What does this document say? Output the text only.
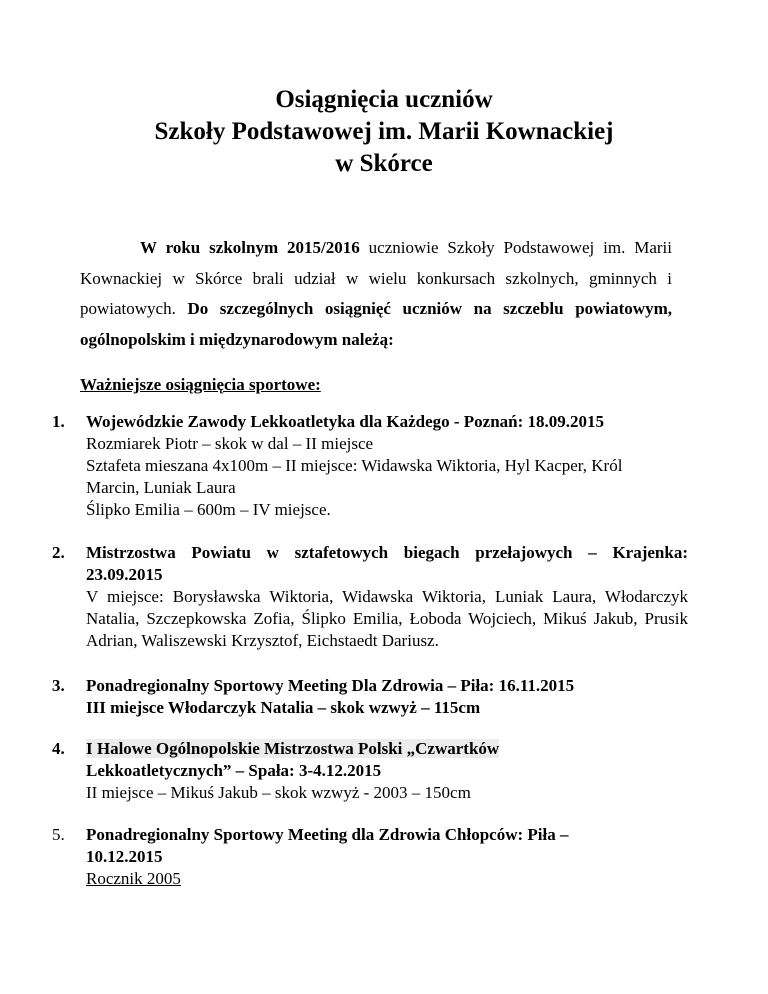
Osiągnięcia uczniów
Szkoły Podstawowej im. Marii Kownackiej
w Skórce
W roku szkolnym 2015/2016 uczniowie Szkoły Podstawowej im. Marii Kownackiej w Skórce brali udział w wielu konkursach szkolnych, gminnych i powiatowych. Do szczególnych osiągnięć uczniów na szczeblu powiatowym, ogólnopolskim i międzynarodowym należą:
Ważniejsze osiągnięcia sportowe:
1.	Wojewódzkie Zawody Lekkoatletyka dla Każdego - Poznań: 18.09.2015
Rozmiarek Piotr – skok w dal – II miejsce
Sztafeta mieszana 4x100m – II miejsce: Widawska Wiktoria, Hyl Kacper, Król Marcin, Luniak Laura
Ślipko Emilia – 600m – IV miejsce.
2.	Mistrzostwa Powiatu w sztafetowych biegach przełajowych – Krajenka: 23.09.2015
V miejsce: Borysławska Wiktoria, Widawska Wiktoria, Luniak Laura, Włodarczyk Natalia, Szczepkowska Zofia, Ślipko Emilia, Łoboda Wojciech, Mikuś Jakub, Prusik Adrian, Waliszewski Krzysztof, Eichstaedt Dariusz.
3.	Ponadregionalny Sportowy Meeting Dla Zdrowia – Piła: 16.11.2015
III miejsce Włodarczyk Natalia – skok wzwyż – 115cm
4.	I Halowe Ogólnopolskie Mistrzostwa Polski „Czwartków
Lekkoatletycznych” – Spała: 3-4.12.2015
II miejsce – Mikuś Jakub – skok wzwyż - 2003 – 150cm
5.	Ponadregionalny Sportowy Meeting dla Zdrowia Chłopców: Piła – 10.12.2015
Rocznik 2005
